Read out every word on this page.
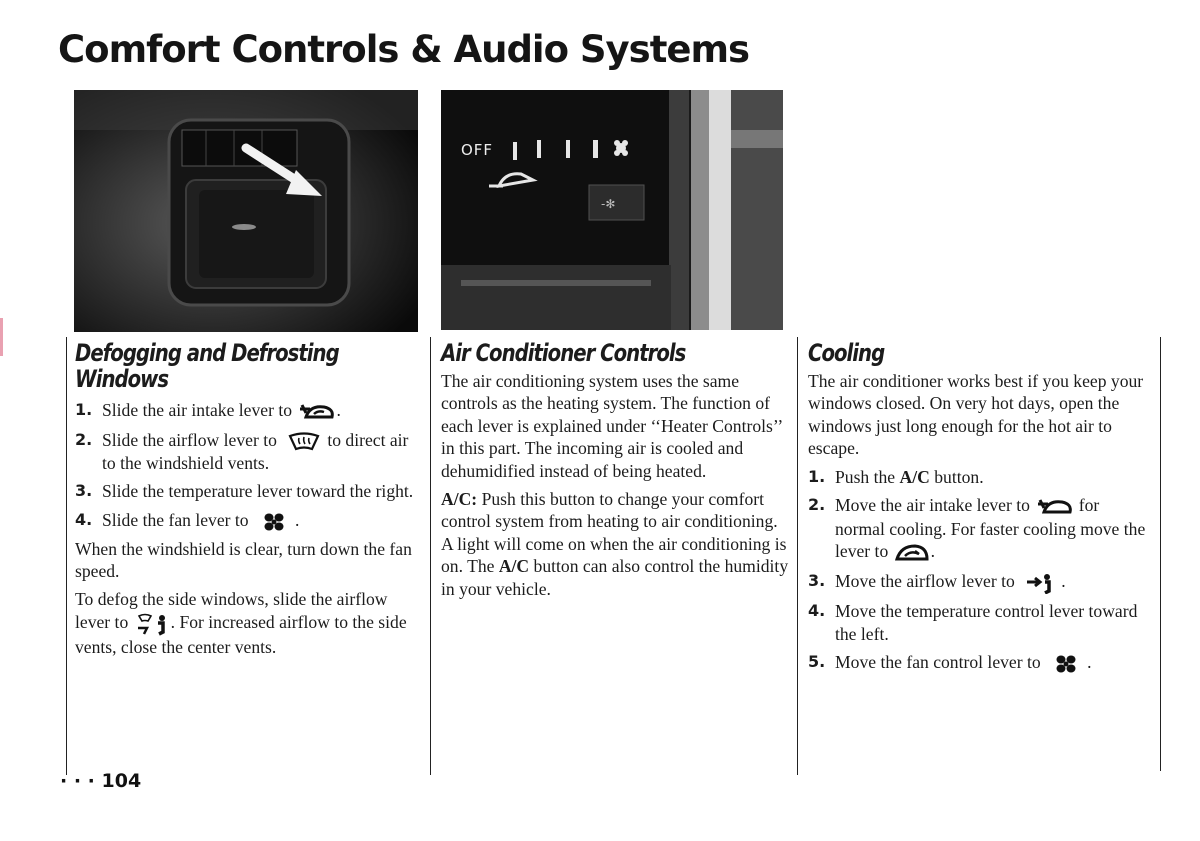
Comfort Controls & Audio Systems
-✻
OFF
Defogging and Defrosting
Windows
1. Slide the air intake lever to	.
2. Slide the airflow lever to	to direct air to the windshield vents.
3. Slide the temperature lever toward the right.
4. Slide the fan lever to	.

When the windshield is clear, turn down the fan speed.

To defog the side windows, slide the airflow lever to . For increased airflow to the side vents, close the center vents.

Air Conditioner Controls

The air conditioning system uses the same controls as the heating system. The function of each lever is explained under ‘‘Heater Controls’’ in this part. The incoming air is cooled and dehumidified instead of being heated.

A/C: Push this button to change your comfort control system from heating to air conditioning. A light will come on when the air conditioning is on. The A/C button can also control the humidity in your vehicle.

Cooling

The air conditioner works best if you keep your windows closed. On very hot days, open the windows just long enough for the hot air to escape.

1. Push the A/C button.
2. Move the air intake lever to	for normal cooling. For faster cooling move the lever to .
3. Move the airflow lever to	.
4. Move the temperature control lever toward the left.
5. Move the fan control lever to	.
· · · 104
